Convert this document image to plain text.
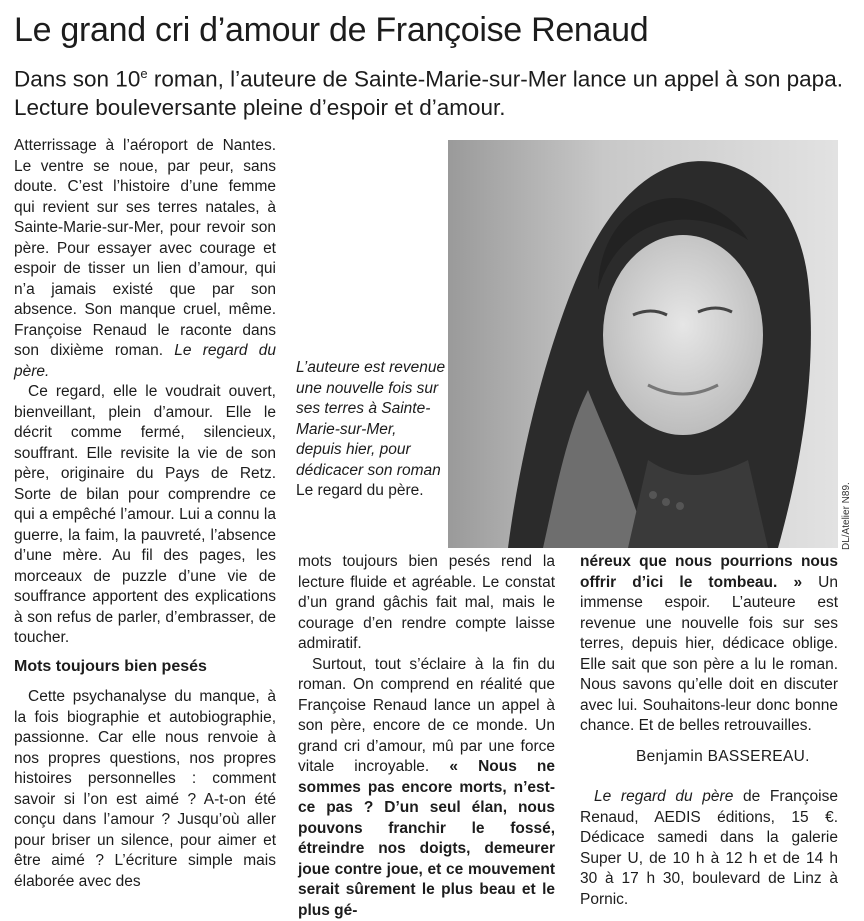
Le grand cri d’amour de Françoise Renaud
Dans son 10e roman, l’auteure de Sainte-Marie-sur-Mer lance un appel à son papa. Lecture bouleversante pleine d’espoir et d’amour.

Atterrissage à l’aéroport de Nantes. Le ventre se noue, par peur, sans doute. C’est l’histoire d’une femme qui revient sur ses terres natales, à Sainte-Marie-sur-Mer, pour revoir son père. Pour essayer avec courage et espoir de tisser un lien d’amour, qui n’a jamais existé que par son absence. Son manque cruel, même. Françoise Renaud le raconte dans son dixième roman. Le regard du père.

Ce regard, elle le voudrait ouvert, bienveillant, plein d’amour. Elle le décrit comme fermé, silencieux, souffrant. Elle revisite la vie de son père, originaire du Pays de Retz. Sorte de bilan pour comprendre ce qui a empêché l’amour. Lui a connu la guerre, la faim, la pauvreté, l’absence d’une mère. Au fil des pages, les morceaux de puzzle d’une vie de souffrance apportent des explications à son refus de parler, d’embrasser, de toucher.

Mots toujours bien pesés

Cette psychanalyse du manque, à la fois biographie et autobiographie, passionne. Car elle nous renvoie à nos propres questions, nos propres histoires personnelles : comment savoir si l’on est aimé ? A-t-on été conçu dans l’amour ? Jusqu’où aller pour briser un silence, pour aimer et être aimé ? L’écriture simple mais élaborée avec des

L’auteure est revenue une nouvelle fois sur ses terres à Sainte-Marie-sur-Mer, depuis hier, pour dédicacer son roman Le regard du père.	DL/Atelier N89.

mots toujours bien pesés rend la lecture fluide et agréable. Le constat d’un grand gâchis fait mal, mais le courage d’en rendre compte laisse admiratif.

Surtout, tout s’éclaire à la fin du roman. On comprend en réalité que Françoise Renaud lance un appel à son père, encore de ce monde. Un grand cri d’amour, mû par une force vitale incroyable. « Nous ne sommes pas encore morts, n’est-ce pas ? D’un seul élan, nous pouvons franchir le fossé, étreindre nos doigts, demeurer joue contre joue, et ce mouvement serait sûrement le plus beau et le plus gé-

néreux que nous pourrions nous offrir d’ici le tombeau. » Un immense espoir. L’auteure est revenue une nouvelle fois sur ses terres, depuis hier, dédicace oblige. Elle sait que son père a lu le roman. Nous savons qu’elle doit en discuter avec lui. Souhaitons-leur donc bonne chance. Et de belles retrouvailles.

Benjamin BASSEREAU.
Le regard du père de Françoise Renaud, AEDIS éditions, 15 €. Dédicace samedi dans la galerie Super U, de 10 h à 12 h et de 14 h 30 à 17 h 30, boulevard de Linz à Pornic.
